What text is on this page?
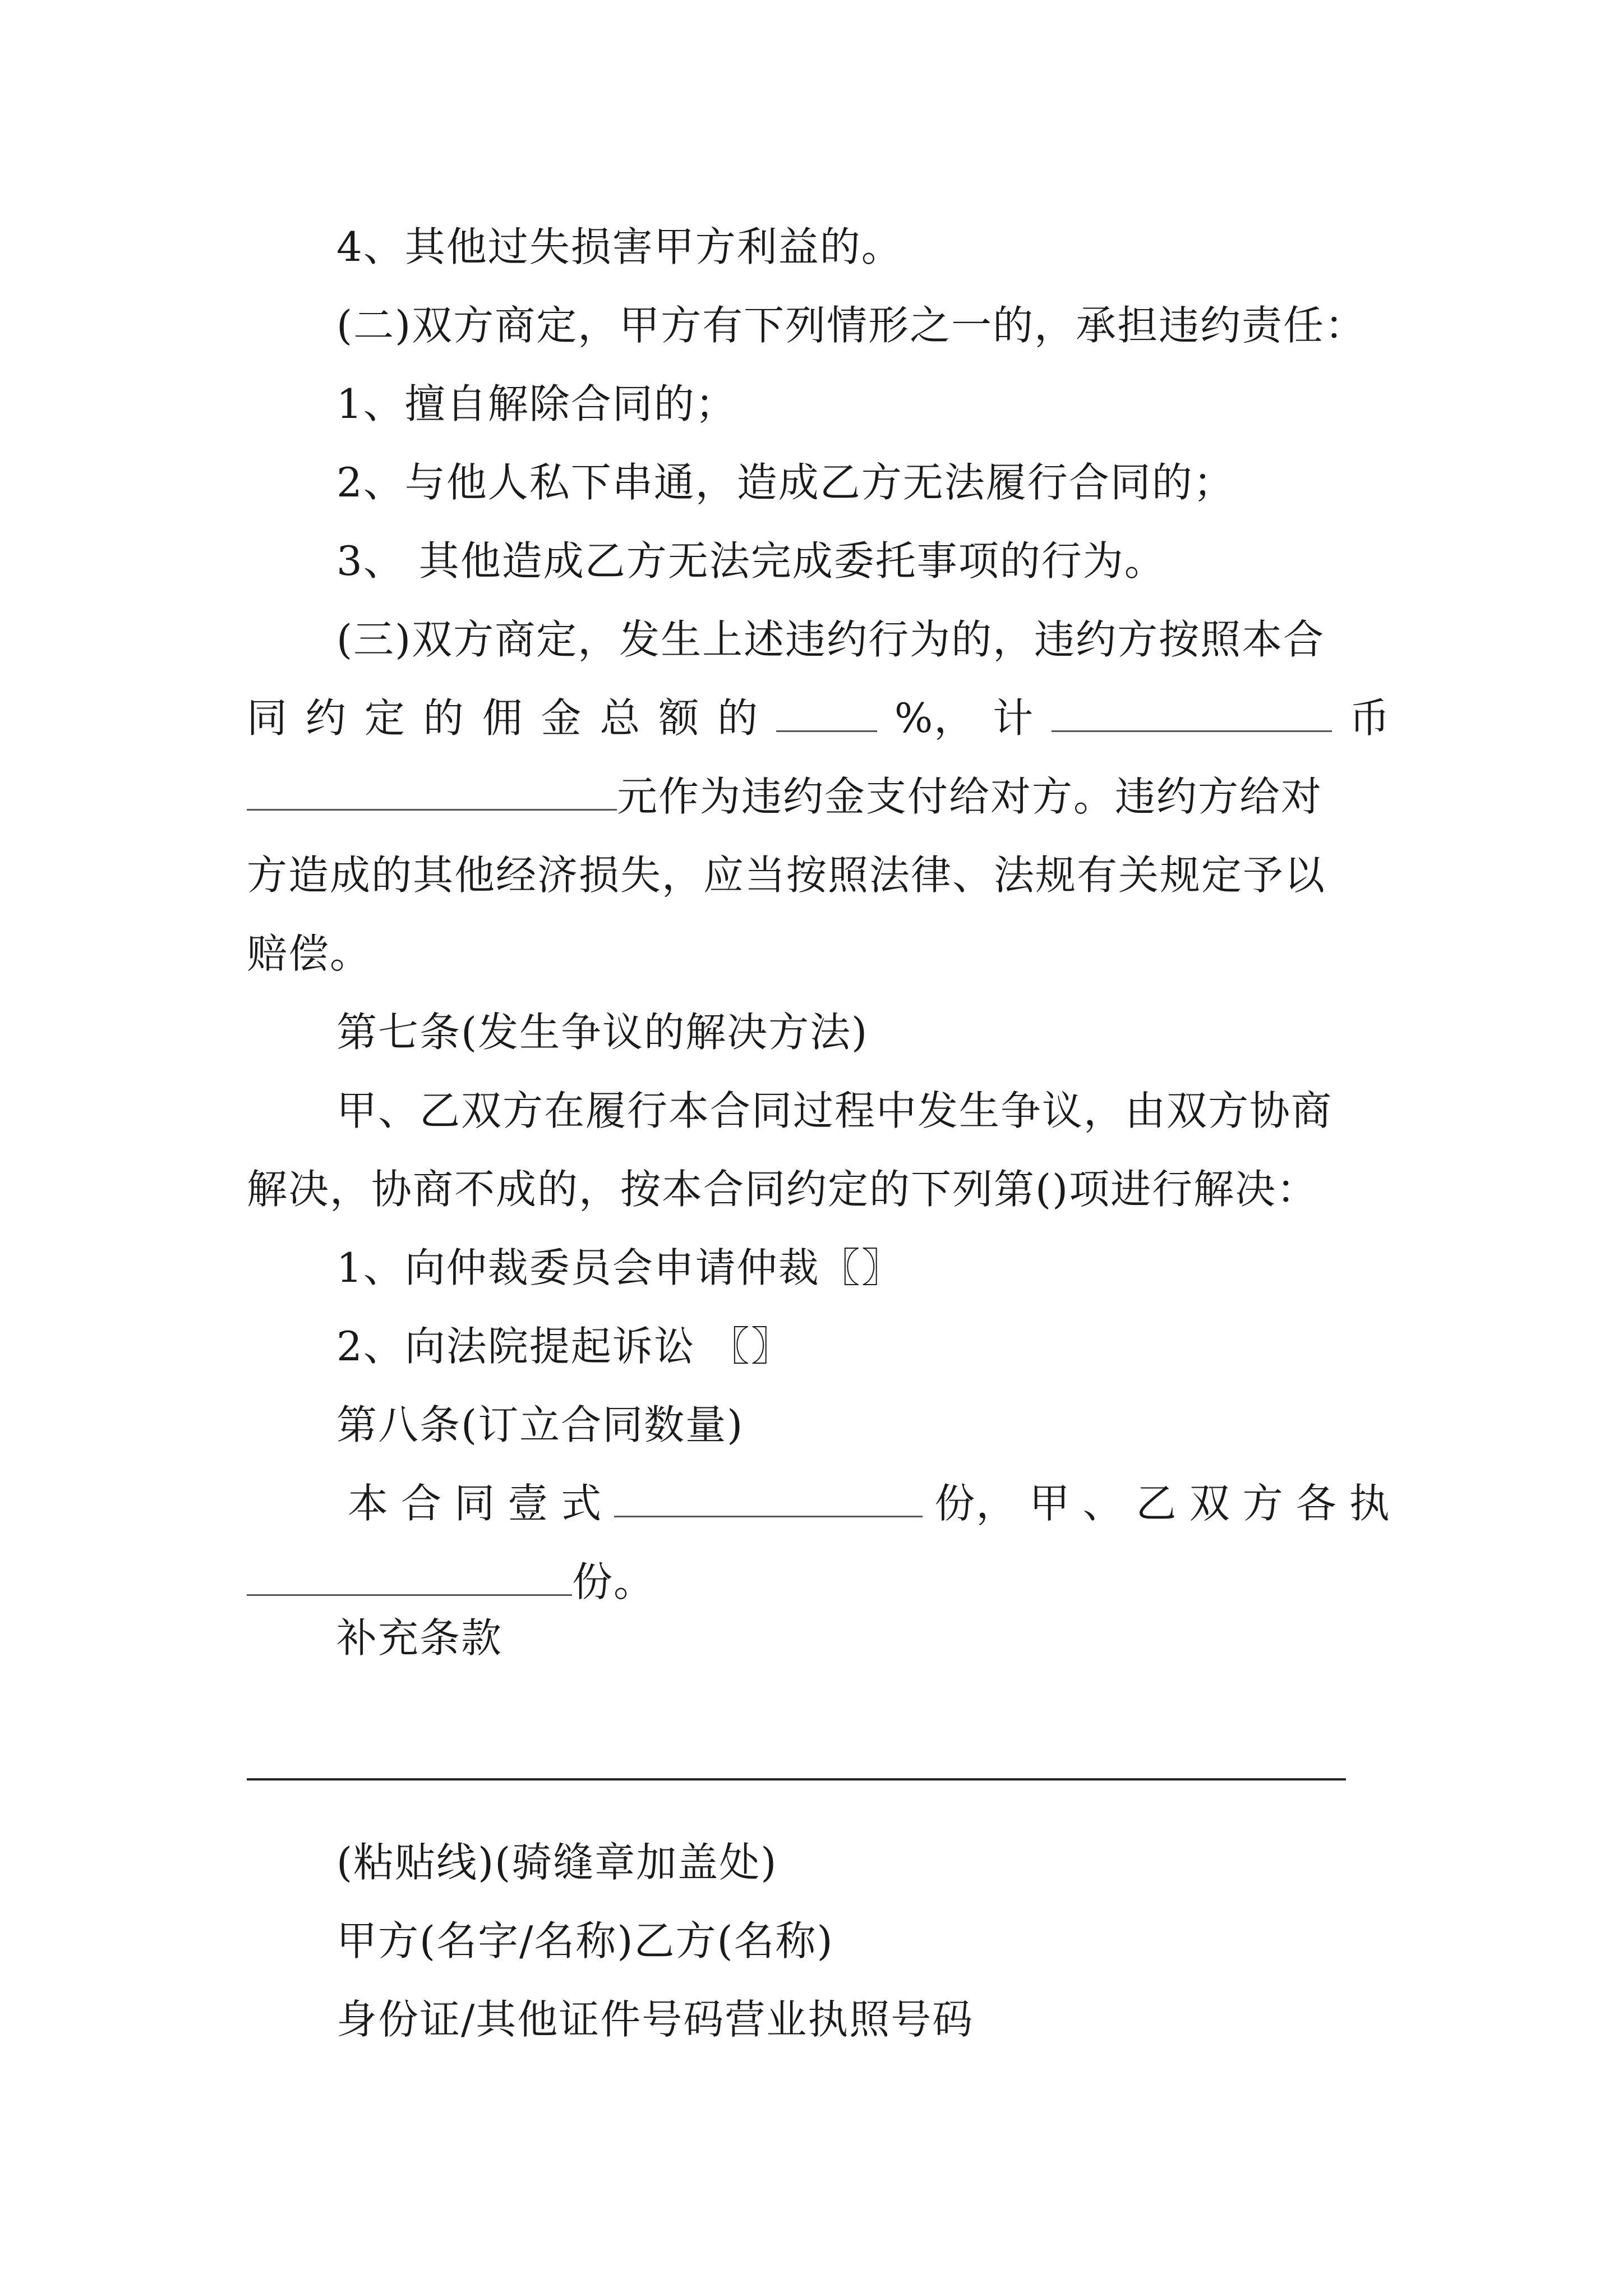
4、其他过失损害甲方利益的。
(二)双方商定，甲方有下列情形之一的，承担违约责任：
1、擅自解除合同的；
2、与他人私下串通，造成乙方无法履行合同的；
3、 其他造成乙方无法完成委托事项的行为。
(三)双方商定，发生上述违约行为的，违约方按照本合
同 约 定 的 佣 金 总 额 的	%， 计	币
元作为违约金支付给对方。违约方给对
方造成的其他经济损失，应当按照法律、法规有关规定予以
赔偿。
第七条(发生争议的解决方法)
甲、乙双方在履行本合同过程中发生争议，由双方协商
解决，协商不成的，按本合同约定的下列第()项进行解决：
1、向仲裁委员会申请仲裁〖〗
2、向法院提起诉讼 〖〗
第八条(订立合同数量)
本 合 同 壹 式	份， 甲 、 乙 双 方 各 执
份。
补充条款
(粘贴线)(骑缝章加盖处)
甲方(名字/名称)乙方(名称)
身份证/其他证件号码营业执照号码
